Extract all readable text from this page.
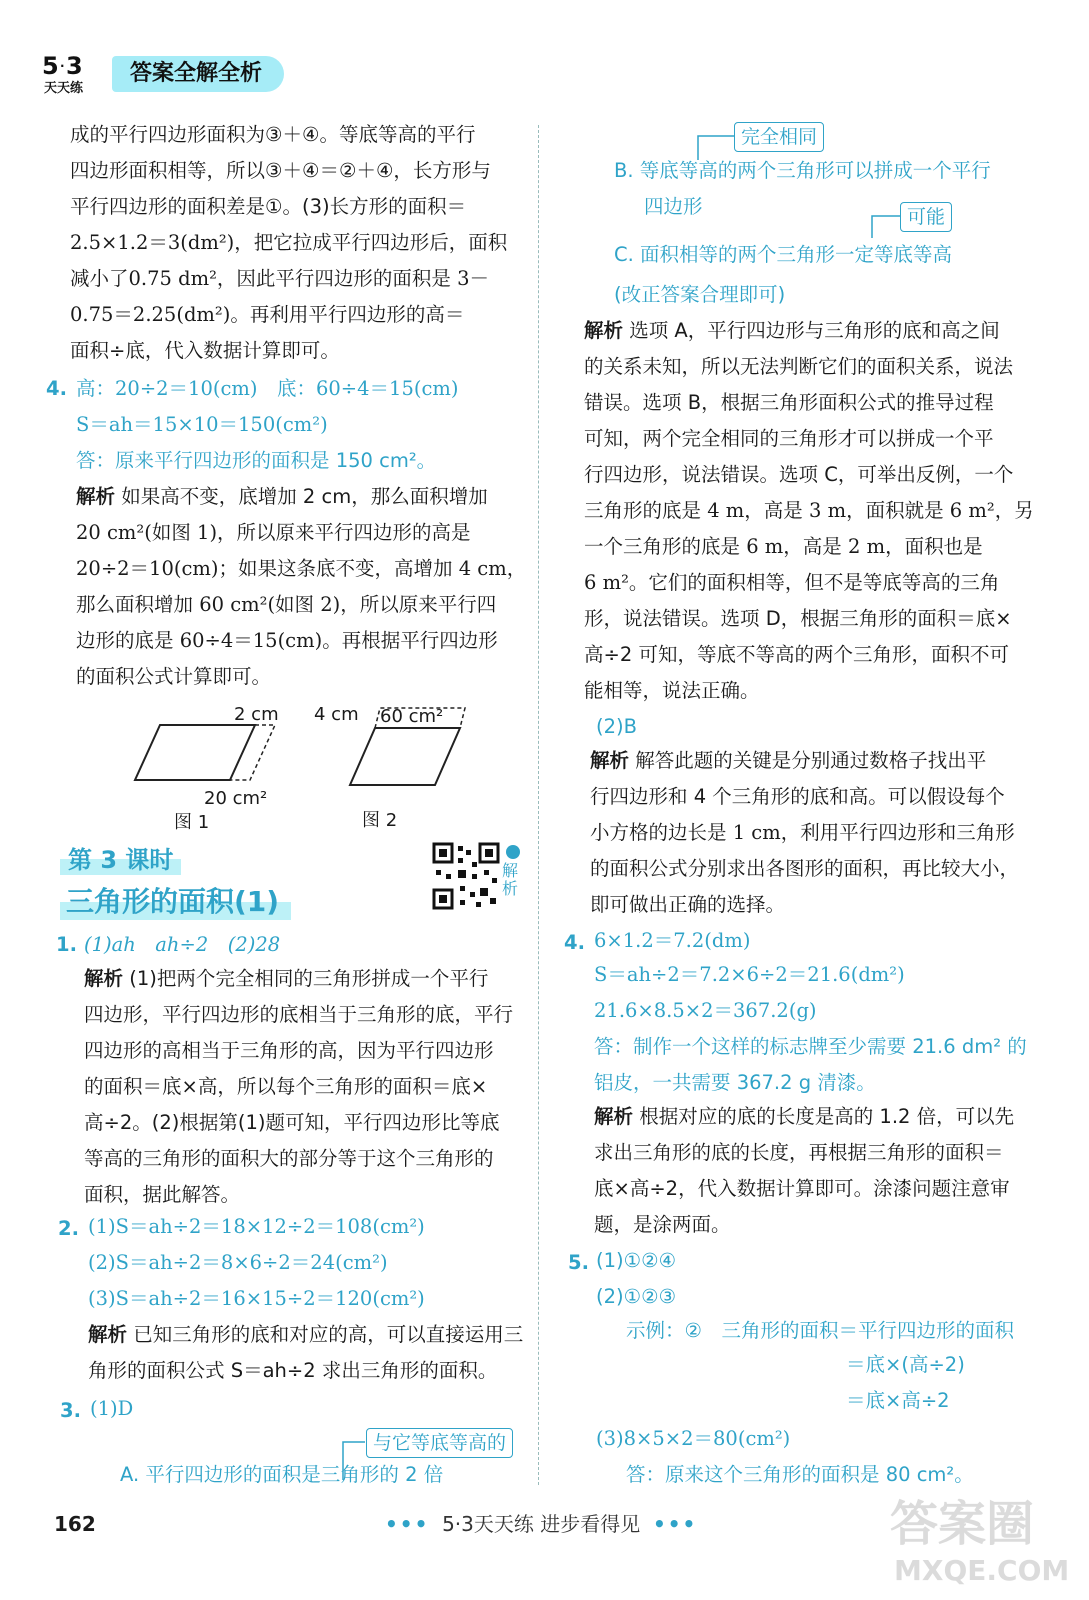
5 · 3
天天练
答案全解全析
成的平行四边形面积为③＋④。等底等高的平行
四边形面积相等，所以③＋④＝②＋④，长方形与
平行四边形的面积差是①。(3)长方形的面积＝
2.5×1.2＝3(dm²)，把它拉成平行四边形后，面积
减小了0.75 dm²，因此平行四边形的面积是 3－
0.75＝2.25(dm²)。再利用平行四边形的高＝
面积÷底，代入数据计算即可。
4. 高：20÷2＝10(cm)　底：60÷4＝15(cm)
S＝ah＝15×10＝150(cm²)
答：原来平行四边形的面积是 150 cm²。
解析 如果高不变，底增加 2 cm，那么面积增加
20 cm²(如图 1)，所以原来平行四边形的高是
20÷2＝10(cm)；如果这条底不变，高增加 4 cm，
那么面积增加 60 cm²(如图 2)，所以原来平行四
边形的底是 60÷4＝15(cm)。再根据平行四边形
的面积公式计算即可。
2 cm
20 cm²
图 1
4 cm 60 cm²
图 2
第 3 课时
三角形的面积(1)
解析
1. (1)ah　ah÷2　(2)28
解析 (1)把两个完全相同的三角形拼成一个平行
四边形，平行四边形的底相当于三角形的底，平行
四边形的高相当于三角形的高，因为平行四边形
的面积＝底×高，所以每个三角形的面积＝底×
高÷2。(2)根据第(1)题可知，平行四边形比等底
等高的三角形的面积大的部分等于这个三角形的
面积，据此解答。
2. (1)S＝ah÷2＝18×12÷2＝108(cm²)
(2)S＝ah÷2＝8×6÷2＝24(cm²)
(3)S＝ah÷2＝16×15÷2＝120(cm²)
解析 已知三角形的底和对应的高，可以直接运用三
角形的面积公式 S＝ah÷2 求出三角形的面积。
3. (1)D
与它等底等高的
A. 平行四边形的面积是三角形的 2 倍
完全相同
B. 等底等高的两个三角形可以拼成一个平行
四边形	可能
C. 面积相等的两个三角形一定等底等高
(改正答案合理即可)
解析 选项 A，平行四边形与三角形的底和高之间
的关系未知，所以无法判断它们的面积关系，说法
错误。选项 B，根据三角形面积公式的推导过程
可知，两个完全相同的三角形才可以拼成一个平
行四边形，说法错误。选项 C，可举出反例，一个
三角形的底是 4 m，高是 3 m，面积就是 6 m²，另
一个三角形的底是 6 m，高是 2 m，面积也是
6 m²。它们的面积相等，但不是等底等高的三角
形，说法错误。选项 D，根据三角形的面积＝底×
高÷2 可知，等底不等高的两个三角形，面积不可
能相等，说法正确。
(2)B
解析 解答此题的关键是分别通过数格子找出平
行四边形和 4 个三角形的底和高。可以假设每个
小方格的边长是 1 cm，利用平行四边形和三角形
的面积公式分别求出各图形的面积，再比较大小，
即可做出正确的选择。
4. 6×1.2＝7.2(dm)
S＝ah÷2＝7.2×6÷2＝21.6(dm²)
21.6×8.5×2＝367.2(g)
答：制作一个这样的标志牌至少需要 21.6 dm² 的
铝皮，一共需要 367.2 g 清漆。
解析 根据对应的底的长度是高的 1.2 倍，可以先
求出三角形的底的长度，再根据三角形的面积＝
底×高÷2，代入数据计算即可。涂漆问题注意审
题，是涂两面。
5. (1)①②④
(2)①②③
示例：②　三角形的面积＝平行四边形的面积
＝底×(高÷2)
＝底×高÷2
(3)8×5×2＝80(cm²)
答：原来这个三角形的面积是 80 cm²。
162	••• 5·3天天练 进步看得见 •••	答案圈
MXQE.COM
